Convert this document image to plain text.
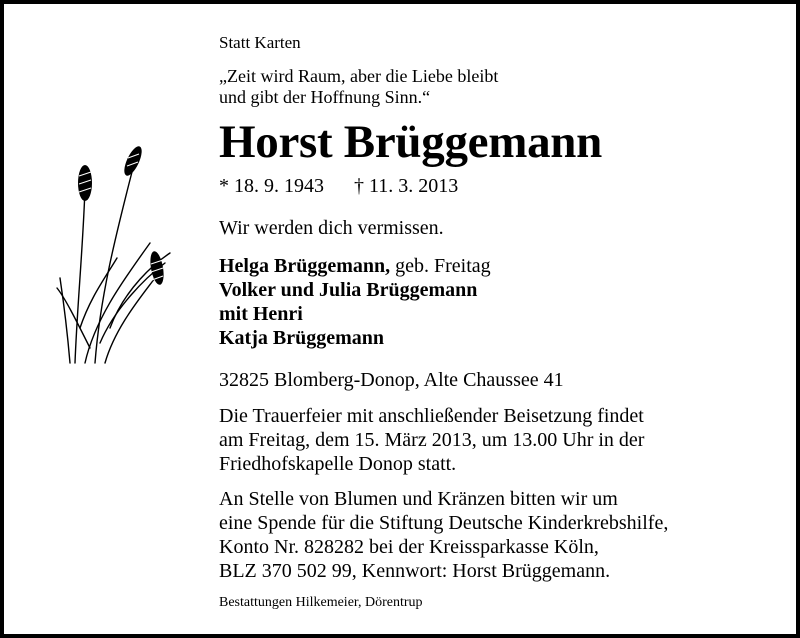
Statt Karten
„Zeit wird Raum, aber die Liebe bleibt
und gibt der Hoffnung Sinn.“
Horst Brüggemann
* 18. 9. 1943 † 11. 3. 2013
Wir werden dich vermissen.
Helga Brüggemann, geb. Freitag
Volker und Julia Brüggemann
mit Henri
Katja Brüggemann
32825 Blomberg-Donop, Alte Chaussee 41
Die Trauerfeier mit anschließender Beisetzung findet
am Freitag, dem 15. März 2013, um 13.00 Uhr in der
Friedhofskapelle Donop statt.
An Stelle von Blumen und Kränzen bitten wir um
eine Spende für die Stiftung Deutsche Kinderkrebshilfe,
Konto Nr. 828282 bei der Kreissparkasse Köln,
BLZ 370 502 99, Kennwort: Horst Brüggemann.
Bestattungen Hilkemeier, Dörentrup
